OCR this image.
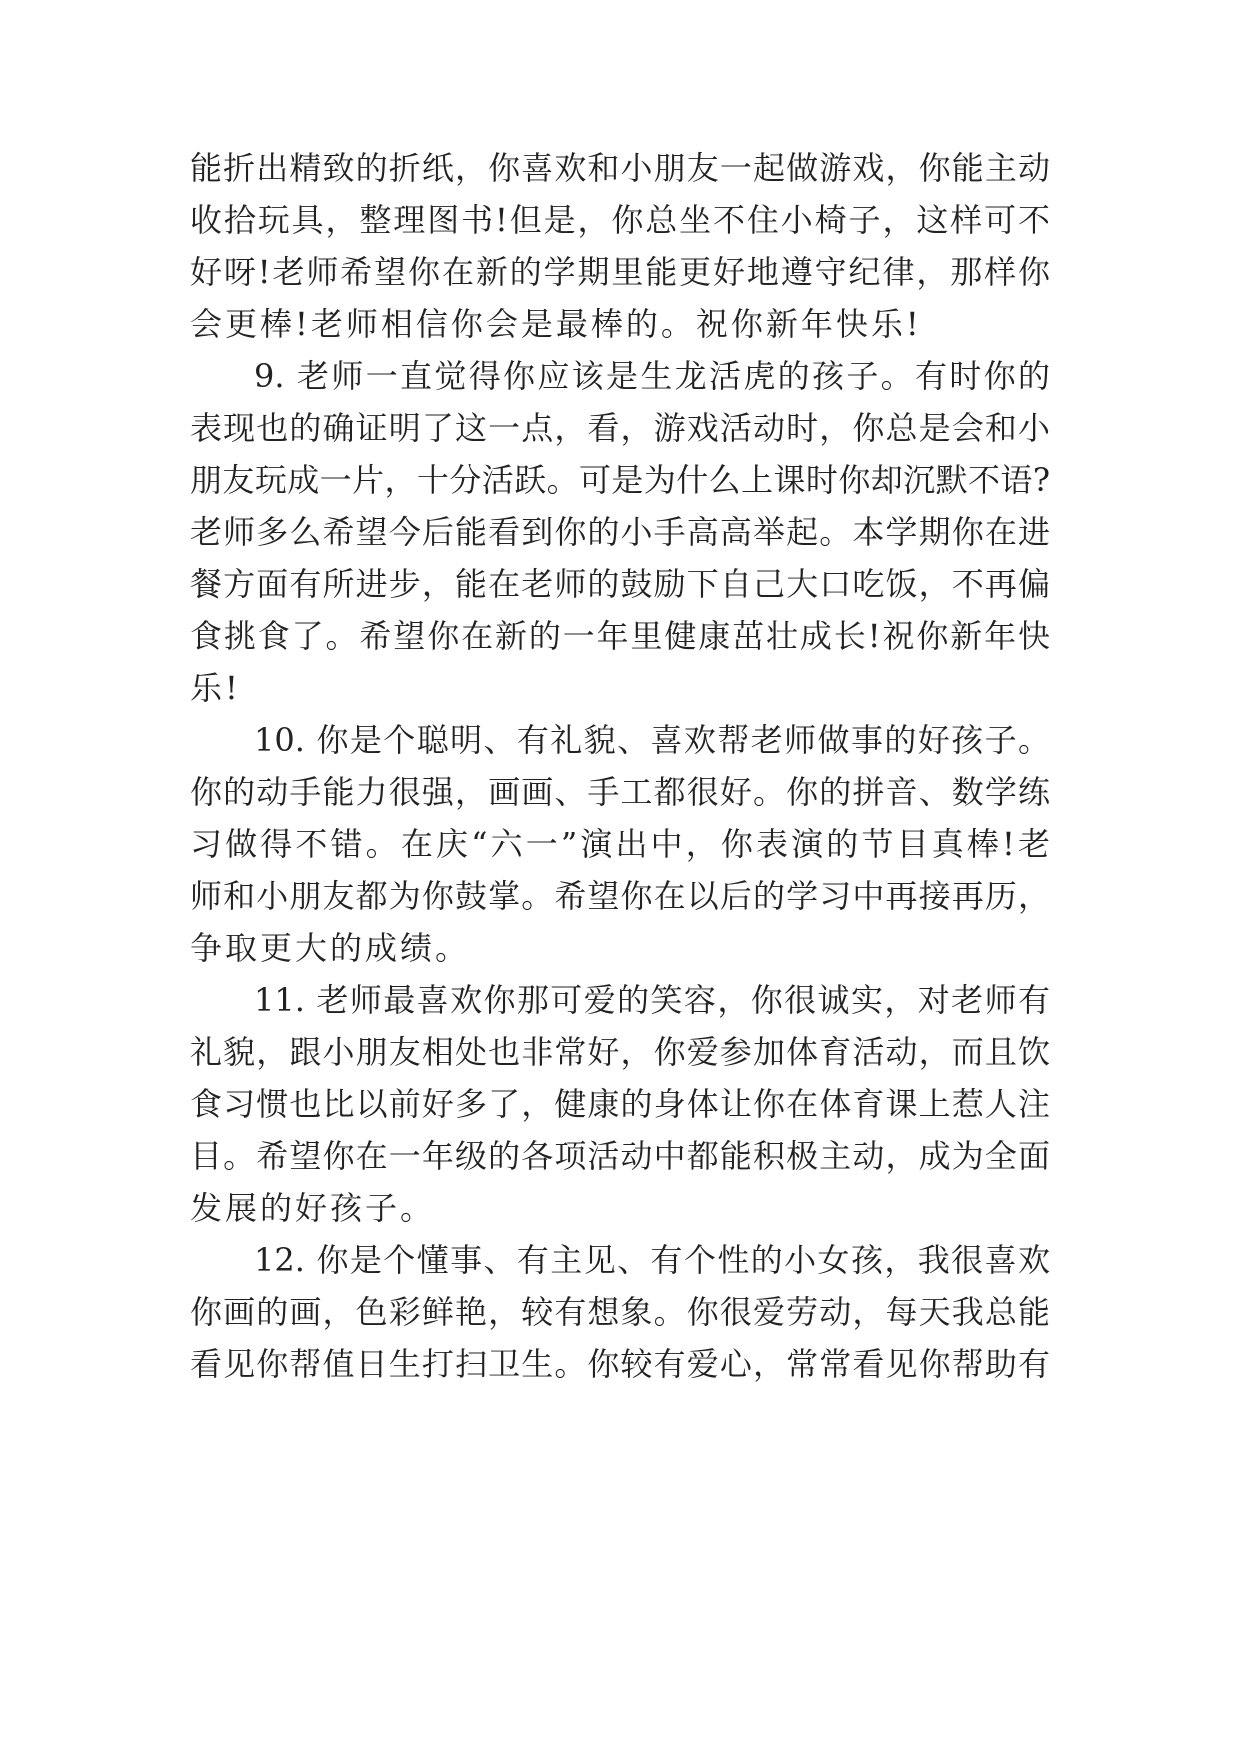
能折出精致的折纸，你喜欢和小朋友一起做游戏，你能主动
收拾玩具，整理图书!但是，你总坐不住小椅子，这样可不
好呀!老师希望你在新的学期里能更好地遵守纪律，那样你
会更棒!老师相信你会是最棒的。祝你新年快乐!
9. 老师一直觉得你应该是生龙活虎的孩子。有时你的
表现也的确证明了这一点，看，游戏活动时，你总是会和小
朋友玩成一片，十分活跃。可是为什么上课时你却沉默不语?
老师多么希望今后能看到你的小手高高举起。本学期你在进
餐方面有所进步，能在老师的鼓励下自己大口吃饭，不再偏
食挑食了。希望你在新的一年里健康茁壮成长!祝你新年快
乐!
10. 你是个聪明、有礼貌、喜欢帮老师做事的好孩子。
你的动手能力很强，画画、手工都很好。你的拼音、数学练
习做得不错。在庆“六一”演出中，你表演的节目真棒!老
师和小朋友都为你鼓掌。希望你在以后的学习中再接再历，
争取更大的成绩。
11. 老师最喜欢你那可爱的笑容，你很诚实，对老师有
礼貌，跟小朋友相处也非常好，你爱参加体育活动，而且饮
食习惯也比以前好多了，健康的身体让你在体育课上惹人注
目。希望你在一年级的各项活动中都能积极主动，成为全面
发展的好孩子。
12. 你是个懂事、有主见、有个性的小女孩，我很喜欢
你画的画，色彩鲜艳，较有想象。你很爱劳动，每天我总能
看见你帮值日生打扫卫生。你较有爱心，常常看见你帮助有
